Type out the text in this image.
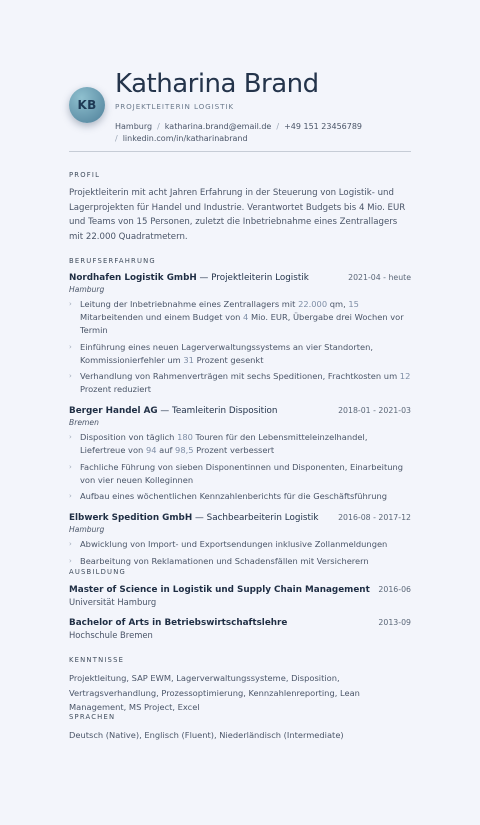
KB
Katharina Brand
PROJEKTLEITERIN LOGISTIK
Hamburg / katharina.brand@email.de / +49 151 23456789
/ linkedin.com/in/katharinabrand
PROFIL
Projektleiterin mit acht Jahren Erfahrung in der Steuerung von Logistik- und Lagerprojekten für Handel und Industrie. Verantwortet Budgets bis 4 Mio. EUR und Teams von 15 Personen, zuletzt die Inbetriebnahme eines Zentrallagers mit 22.000 Quadratmetern.
BERUFSERFAHRUNG
Nordhafen Logistik GmbH — Projektleiterin Logistik	2021-04 - heute
Hamburg
› Leitung der Inbetriebnahme eines Zentrallagers mit 22.000 qm, 15 Mitarbeitenden und einem Budget von 4 Mio. EUR, Übergabe drei Wochen vor Termin
› Einführung eines neuen Lagerverwaltungssystems an vier Standorten, Kommissionierfehler um 31 Prozent gesenkt
› Verhandlung von Rahmenverträgen mit sechs Speditionen, Frachtkosten um 12 Prozent reduziert
Berger Handel AG — Teamleiterin Disposition	2018-01 - 2021-03
Bremen
› Disposition von täglich 180 Touren für den Lebensmitteleinzelhandel, Liefertreue von 94 auf 98,5 Prozent verbessert
› Fachliche Führung von sieben Disponentinnen und Disponenten, Einarbeitung von vier neuen Kolleginnen
› Aufbau eines wöchentlichen Kennzahlenberichts für die Geschäftsführung
Elbwerk Spedition GmbH — Sachbearbeiterin Logistik	2016-08 - 2017-12
Hamburg
› Abwicklung von Import- und Exportsendungen inklusive Zollanmeldungen
› Bearbeitung von Reklamationen und Schadensfällen mit Versicherern
AUSBILDUNG
Master of Science in Logistik und Supply Chain Management 2016-06
Universität Hamburg
Bachelor of Arts in Betriebswirtschaftslehre	2013-09
Hochschule Bremen
KENNTNISSE
Projektleitung, SAP EWM, Lagerverwaltungssysteme, Disposition, Vertragsverhandlung, Prozessoptimierung, Kennzahlenreporting, Lean Management, MS Project, Excel
SPRACHEN
Deutsch (Native), Englisch (Fluent), Niederländisch (Intermediate)
